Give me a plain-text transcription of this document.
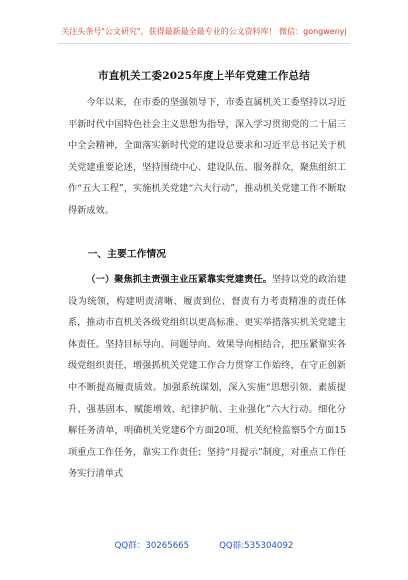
关注头条号"公文研究"，获得最新最全最专业的公文资料库！ 微信：gongwenyj
市直机关工委2025年度上半年党建工作总结

今年以来，在市委的坚强领导下，市委直属机关工委坚持以习近平新时代中国特色社会主义思想为指导，深入学习贯彻党的二十届三中全会精神，全面落实新时代党的建设总要求和习近平总书记关于机关党建重要论述，坚持围绕中心、建设队伍、服务群众，聚焦组织工作“五大工程”，实施机关党建“六大行动”，推动机关党建工作不断取得新成效。

一、主要工作情况

（一）聚焦抓主责强主业压紧靠实党建责任。坚持以党的政治建设为统领，构建明责清晰、履责到位、督责有力考责精准的责任体系，推动市直机关各级党组织以更高标准、更实举措落实机关党建主体责任。坚持目标导向、问题导向、效果导向相结合，把压紧靠实各级党组织责任，增强抓机关党建工作合力贯穿工作始终，在守正创新中不断提高履责质效。加强系统谋划，深入实施“思想引领、素质提升、强基固本、赋能增效、纪律护航、主业强化”六大行动。细化分解任务清单，明确机关党建6个方面20项、机关纪检监察5个方面15项重点工作任务，靠实工作责任；坚持“月提示”制度，对重点工作任务实行清单式

QQ群：30265665	QQ群:535304092
